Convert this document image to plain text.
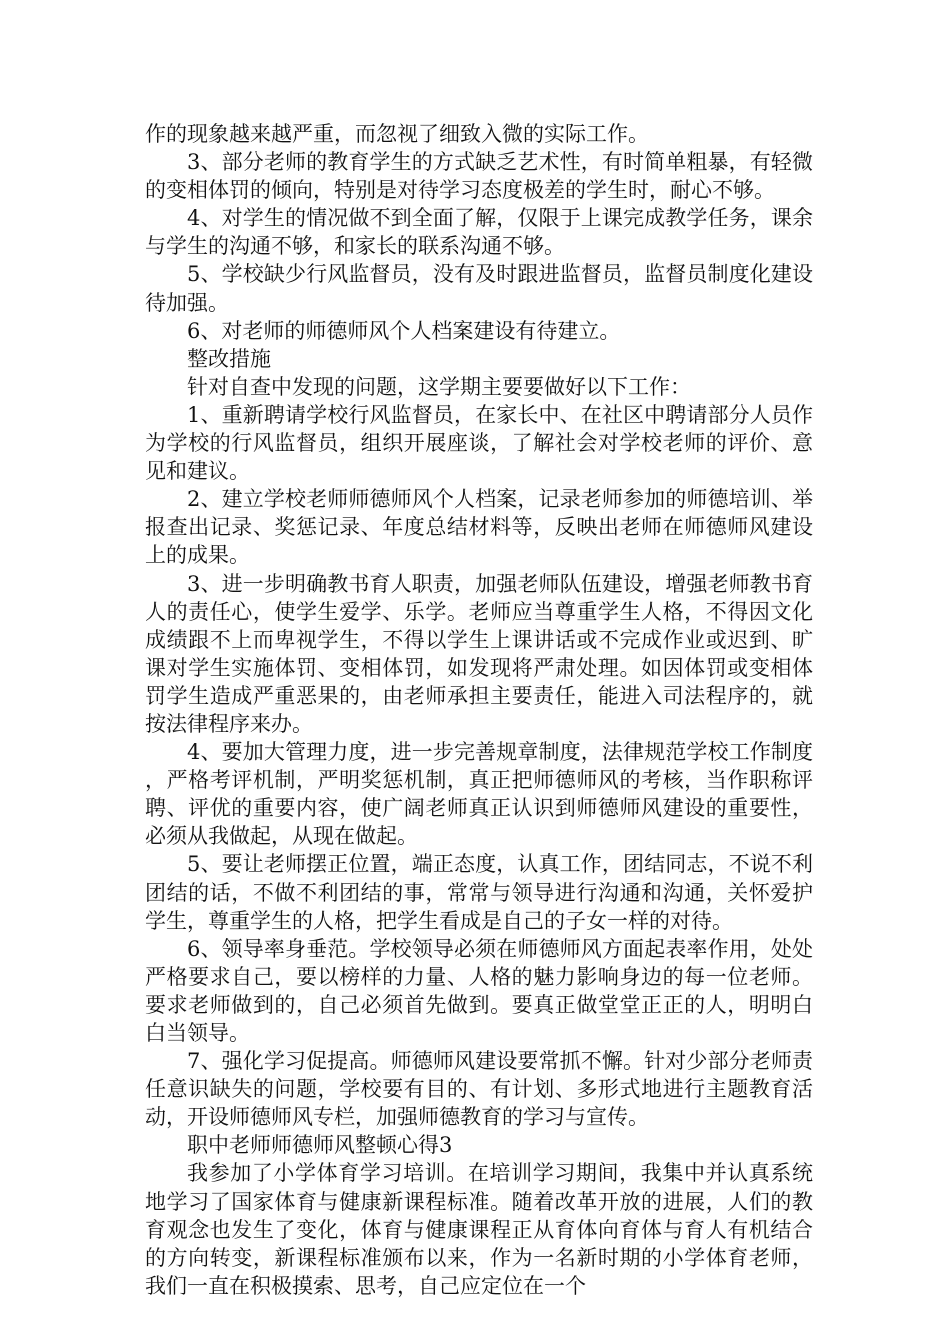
作的现象越来越严重，而忽视了细致入微的实际工作。

3、部分老师的教育学生的方式缺乏艺术性，有时简单粗暴，有轻微的变相体罚的倾向，特别是对待学习态度极差的学生时，耐心不够。

4、对学生的情况做不到全面了解，仅限于上课完成教学任务，课余与学生的沟通不够，和家长的联系沟通不够。

5、学校缺少行风监督员，没有及时跟进监督员，监督员制度化建设待加强。

6、对老师的师德师风个人档案建设有待建立。

整改措施

针对自查中发现的问题，这学期主要要做好以下工作：

1、重新聘请学校行风监督员，在家长中、在社区中聘请部分人员作为学校的行风监督员，组织开展座谈，了解社会对学校老师的评价、意见和建议。

2、建立学校老师师德师风个人档案，记录老师参加的师德培训、举报查出记录、奖惩记录、年度总结材料等，反映出老师在师德师风建设上的成果。

3、进一步明确教书育人职责，加强老师队伍建设，增强老师教书育人的责任心，使学生爱学、乐学。老师应当尊重学生人格，不得因文化成绩跟不上而卑视学生，不得以学生上课讲话或不完成作业或迟到、旷课对学生实施体罚、变相体罚，如发现将严肃处理。如因体罚或变相体罚学生造成严重恶果的，由老师承担主要责任，能进入司法程序的，就按法律程序来办。

4、要加大管理力度，进一步完善规章制度，法律规范学校工作制度，严格考评机制，严明奖惩机制，真正把师德师风的考核，当作职称评聘、评优的重要内容，使广阔老师真正认识到师德师风建设的重要性，必须从我做起，从现在做起。

5、要让老师摆正位置，端正态度，认真工作，团结同志，不说不利团结的话，不做不利团结的事，常常与领导进行沟通和沟通，关怀爱护学生，尊重学生的人格，把学生看成是自己的子女一样的对待。

6、领导率身垂范。学校领导必须在师德师风方面起表率作用，处处严格要求自己，要以榜样的力量、人格的魅力影响身边的每一位老师。要求老师做到的，自己必须首先做到。要真正做堂堂正正的人，明明白白当领导。

7、强化学习促提高。师德师风建设要常抓不懈。针对少部分老师责任意识缺失的问题，学校要有目的、有计划、多形式地进行主题教育活动，开设师德师风专栏，加强师德教育的学习与宣传。

职中老师师德师风整顿心得3

我参加了小学体育学习培训。在培训学习期间，我集中并认真系统地学习了国家体育与健康新课程标准。随着改革开放的进展，人们的教育观念也发生了变化，体育与健康课程正从育体向育体与育人有机结合的方向转变，新课程标准颁布以来，作为一名新时期的小学体育老师，我们一直在积极摸索、思考，自己应定位在一个
